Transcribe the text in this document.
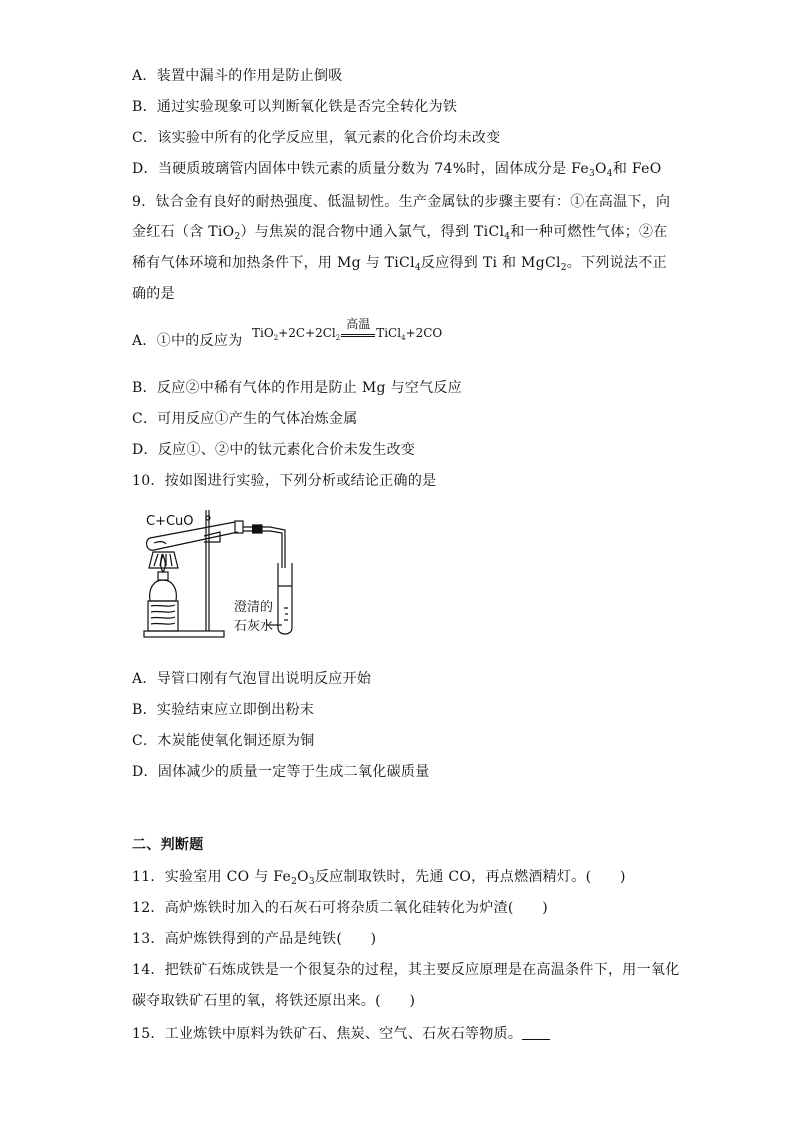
A．装置中漏斗的作用是防止倒吸
B．通过实验现象可以判断氧化铁是否完全转化为铁
C．该实验中所有的化学反应里，氧元素的化合价均未改变
D．当硬质玻璃管内固体中铁元素的质量分数为 74%时，固体成分是 $Fe_3O_4$和 FeO
9．钛合金有良好的耐热强度、低温韧性。生产金属钛的步骤主要有：①在高温下，向
金红石（含 TiO$_2$）与焦炭的混合物中通入氯气，得到 TiCl$_4$和一种可燃性气体；②在
稀有气体环境和加热条件下，用 Mg 与 TiCl$_4$反应得到 Ti 和 MgCl$_2$。下列说法不正
确的是
A．①中的反应为 $TiO_2+2C+2Cl_2$
高温
TiCl$_4$+2CO
B．反应②中稀有气体的作用是防止 Mg 与空气反应
C．可用反应①产生的气体冶炼金属
D．反应①、②中的钛元素化合价未发生改变
10．按如图进行实验，下列分析或结论正确的是
C+CuO
澄清的
石灰水
A．导管口刚有气泡冒出说明反应开始
B．实验结束应立即倒出粉末
C．木炭能使氧化铜还原为铜
D．固体减少的质量一定等于生成二氧化碳质量
二、判断题
11．实验室用 CO 与 $Fe_2O_3$反应制取铁时，先通 CO，再点燃酒精灯。(　　)
12．高炉炼铁时加入的石灰石可将杂质二氧化硅转化为炉渣(　　)
13．高炉炼铁得到的产品是纯铁(　　)
14．把铁矿石炼成铁是一个很复杂的过程，其主要反应原理是在高温条件下，用一氧化
碳夺取铁矿石里的氧，将铁还原出来。(　　)
15．工业炼铁中原料为铁矿石、焦炭、空气、石灰石等物质。
